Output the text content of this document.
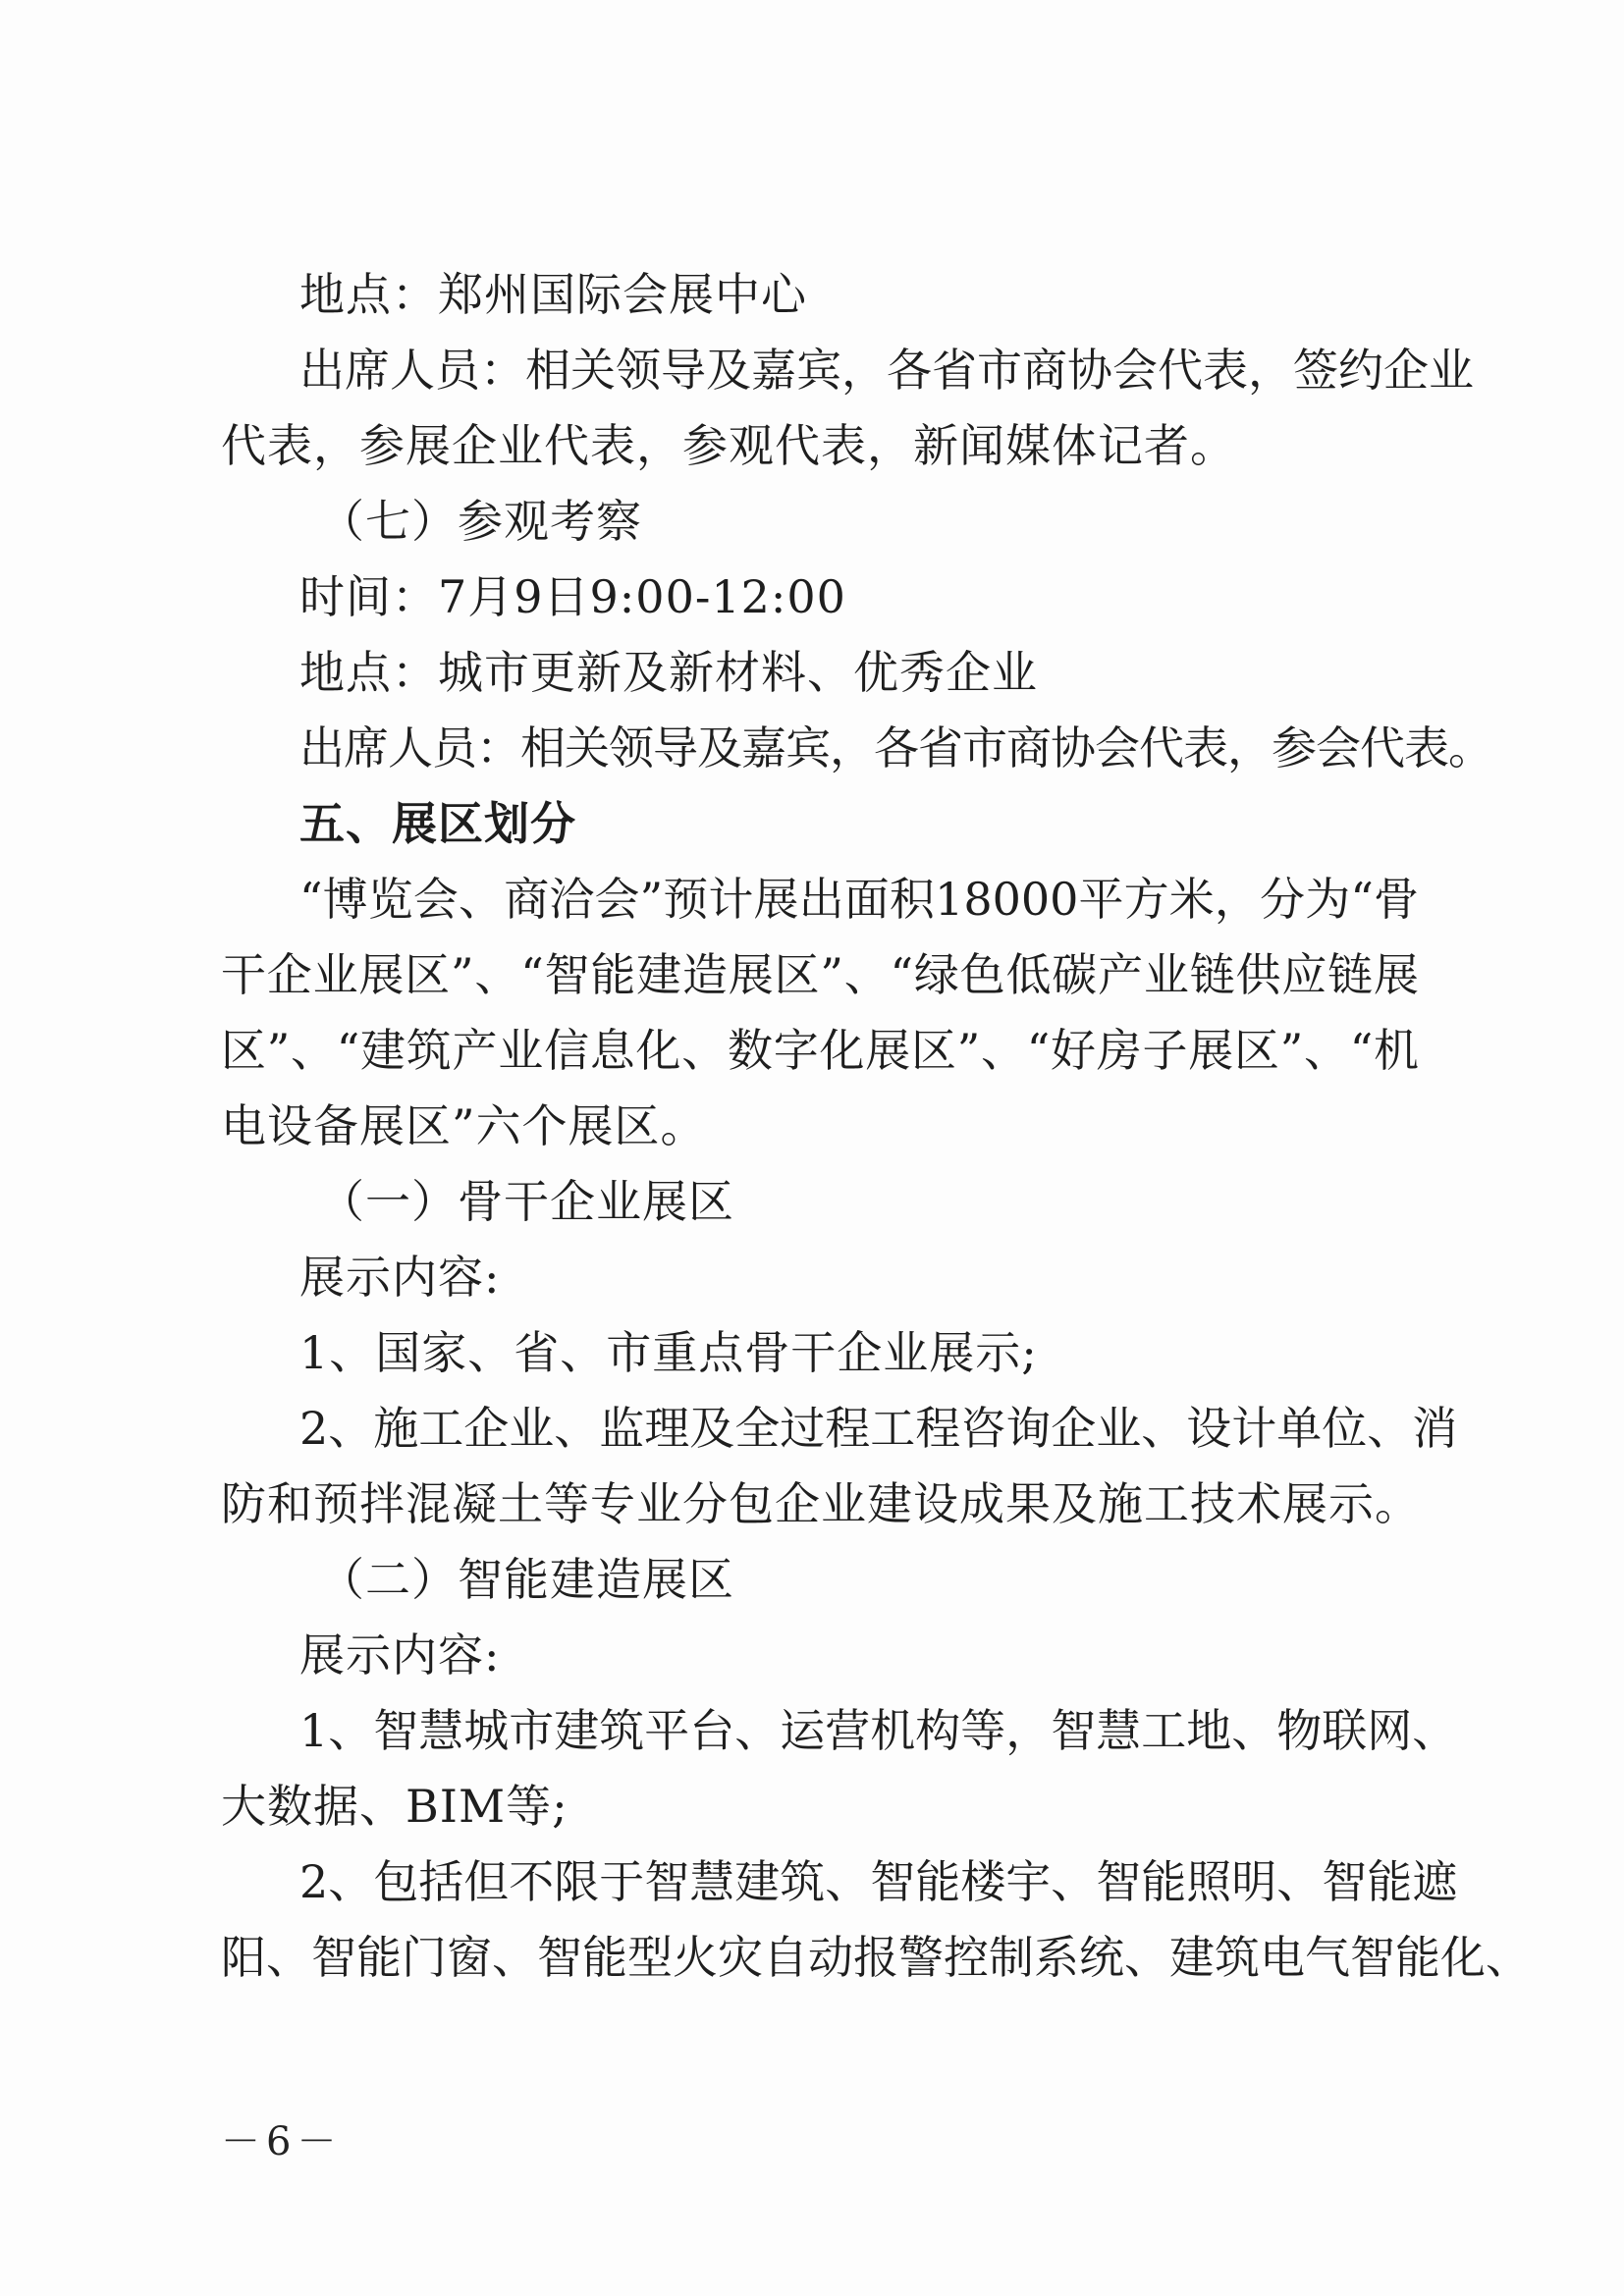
地点：郑州国际会展中心
出席人员：相关领导及嘉宾，各省市商协会代表，签约企业
代表，参展企业代表，参观代表，新闻媒体记者。
（七）参观考察
时间：7月9日9:00-12:00
地点：城市更新及新材料、优秀企业
出席人员：相关领导及嘉宾，各省市商协会代表，参会代表。
五、展区划分
“博览会、商洽会”预计展出面积18000平方米，分为“骨
干企业展区”、“智能建造展区”、“绿色低碳产业链供应链展
区”、“建筑产业信息化、数字化展区”、“好房子展区”、“机
电设备展区”六个展区。
（一）骨干企业展区
展示内容:
1、国家、省、市重点骨干企业展示;
2、施工企业、监理及全过程工程咨询企业、设计单位、消
防和预拌混凝土等专业分包企业建设成果及施工技术展示。
（二）智能建造展区
展示内容:
1、智慧城市建筑平台、运营机构等，智慧工地、物联网、
大数据、BIM等;
2、包括但不限于智慧建筑、智能楼宇、智能照明、智能遮
阳、智能门窗、智能型火灾自动报警控制系统、建筑电气智能化、
－6－
